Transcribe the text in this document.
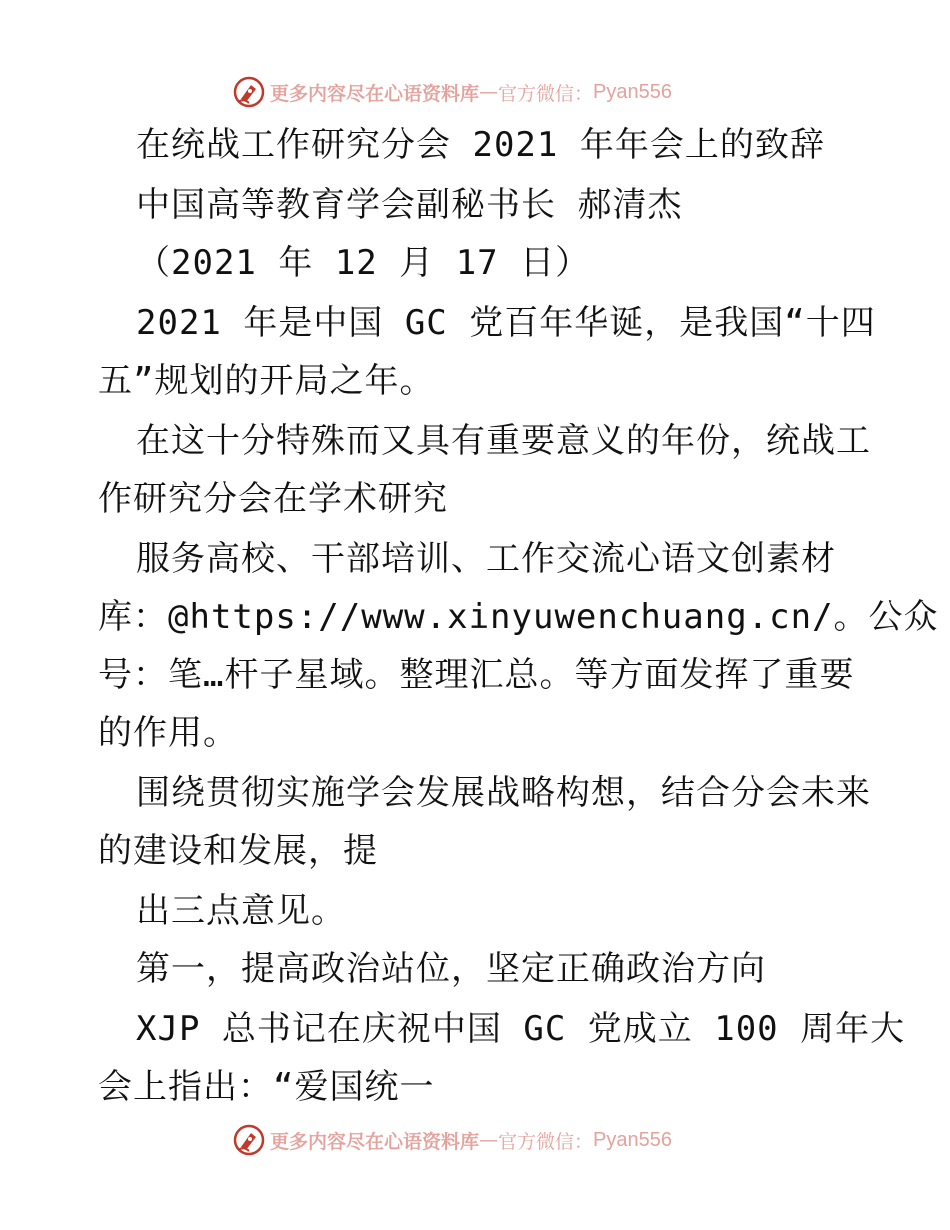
更多内容尽在心语资料库 — 官方微信： Pyan556
在统战工作研究分会 2021 年年会上的致辞
中国高等教育学会副秘书长 郝清杰
（2021 年 12 月 17 日）
2021 年是中国 GC 党百年华诞，是我国“十四
五”规划的开局之年。
在这十分特殊而又具有重要意义的年份，统战工
作研究分会在学术研究
服务高校、干部培训、工作交流心语文创素材
库：@https://www.xinyuwenchuang.cn/。公众
号：笔…杆子星域。整理汇总。等方面发挥了重要
的作用。
围绕贯彻实施学会发展战略构想，结合分会未来
的建设和发展，提
出三点意见。
第一，提高政治站位，坚定正确政治方向
XJP 总书记在庆祝中国 GC 党成立 100 周年大
会上指出：“爱国统一
更多内容尽在心语资料库 — 官方微信： Pyan556
